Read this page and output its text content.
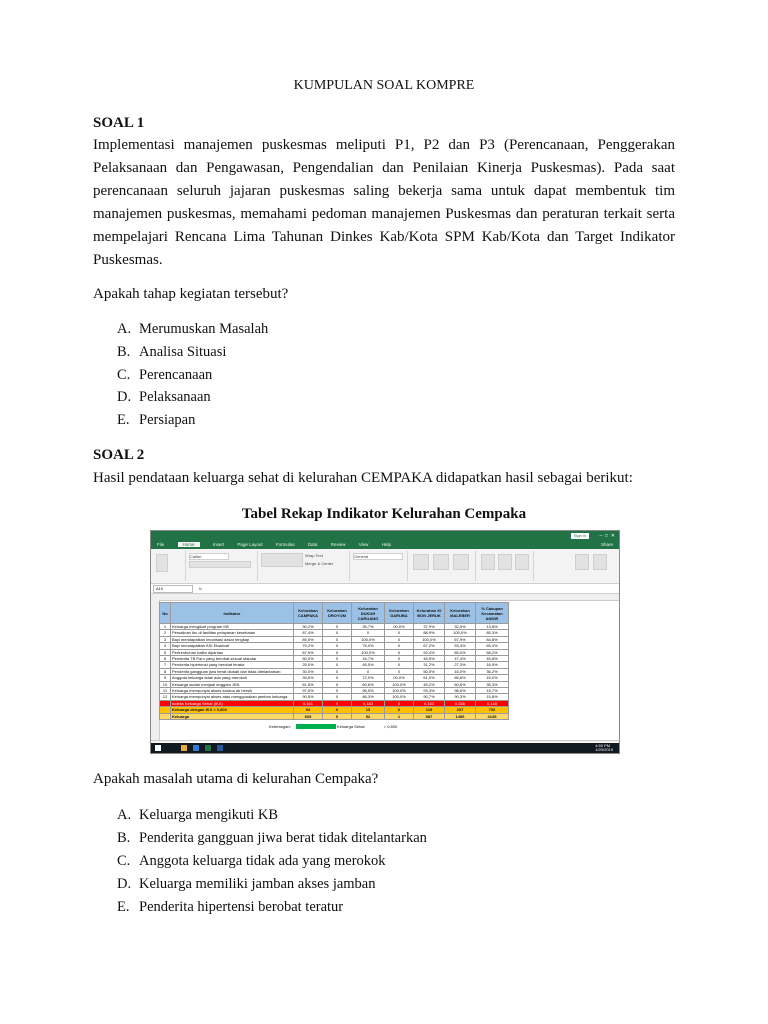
KUMPULAN SOAL KOMPRE
SOAL 1
Implementasi manajemen puskesmas meliputi P1, P2 dan P3 (Perencanaan, Penggerakan Pelaksanaan dan Pengawasan, Pengendalian dan Penilaian Kinerja Puskesmas). Pada saat perencanaan seluruh jajaran puskesmas saling bekerja sama untuk dapat membentuk tim manajemen puskesmas, memahami pedoman manajemen Puskesmas dan peraturan terkait serta mempelajari Rencana Lima Tahunan Dinkes Kab/Kota SPM Kab/Kota dan Target Indikator Puskesmas.
Apakah tahap kegiatan tersebut?
A. Merumuskan Masalah
B. Analisa Situasi
C. Perencanaan
D. Pelaksanaan
E. Persiapan
SOAL 2
Hasil pendataan keluarga sehat di kelurahan CEMPAKA didapatkan hasil sebagai berikut:
Tabel Rekap Indikator Kelurahan Cempaka
Sign in	–  □  ✕
File	Home	Insert	Page Layout	Formulas	Data	Review	View	Help	Share
Calibri	Wrap Text
Merge & Center
General
A10	fx
No	Indikator	Kelurahan CAMPAKA	Kelurahan DROYOM	Kelurahan DUKUH CARUANG	Kelurahan DARUBA	Kelurahan KI BON JERUK	Kelurahan MALEBER	% Cakupan Kecamatan ANDIR
1	Keluarga mengikuti program KB	30,2%	0	35,7%	00,0%	37,9%	32,5%	13,8%
2	Persalinan ibu di fasilitas pelayanan kesehatan	87,4%	0	0	0	88,9%	100,0%	85,3%
3	Bayi mendapatkan imunisasi dasar lengkap	89,5%	0	100,0%	0	100,0%	67,9%	84,8%
4	Bayi mendapatkan ASI Eksklusif	75,2%	0	75,0%	0	67,2%	53,4%	65,4%
5	Pertumbuhan balita dipantau	87,9%	0	100,0%	0	92,4%	85,0%	58,2%
6	Penderita TB Paru yang berobat sesuai standar	50,0%	0	16,7%	0	45,5%	47,4%	45,8%
7	Penderita hipertensi yang berobat teratur	25,0%	0	45,5%	0	31,2%	27,3%	16,9%
8	Penderita gangguan jiwa berat diobati dan tidak ditelantarkan	30,0%	0	0	0	50,0%	16,0%	36,2%
9	Anggota keluarga tidak ada yang merokok	39,6%	0	72,0%	00,0%	61,0%	66,6%	16,0%
10	Keluarga sudah menjadi anggota JKN	61,5%	0	50,6%	100,0%	45,2%	60,6%	35,3%
11	Keluarga mempunyai akses sarana air bersih	97,6%	0	96,5%	100,0%	93,3%	96,6%	15,7%
12	Keluarga mempunyai akses atau menggunakan jamban keluarga	90,5%	0	86,3%	100,0%	90,7%	90,3%	15,8%
	Indeks Keluarga Sehat (IKS)	0,161	0	0,183	0	0,153	0,336	0,145
	Keluarga dengan IKS > 0,800	94	0	15	0	115	237	752
	Keluarga	665	0	52	1	587	1496	4135
Keterangan:	Keluarga Sehat	> 0,800
4:50 PM
1/20/2019
Apakah masalah utama di kelurahan Cempaka?
A. Keluarga mengikuti KB
B. Penderita gangguan jiwa berat tidak ditelantarkan
C. Anggota keluarga tidak ada yang merokok
D. Keluarga memiliki jamban akses jamban
E. Penderita hipertensi berobat teratur
